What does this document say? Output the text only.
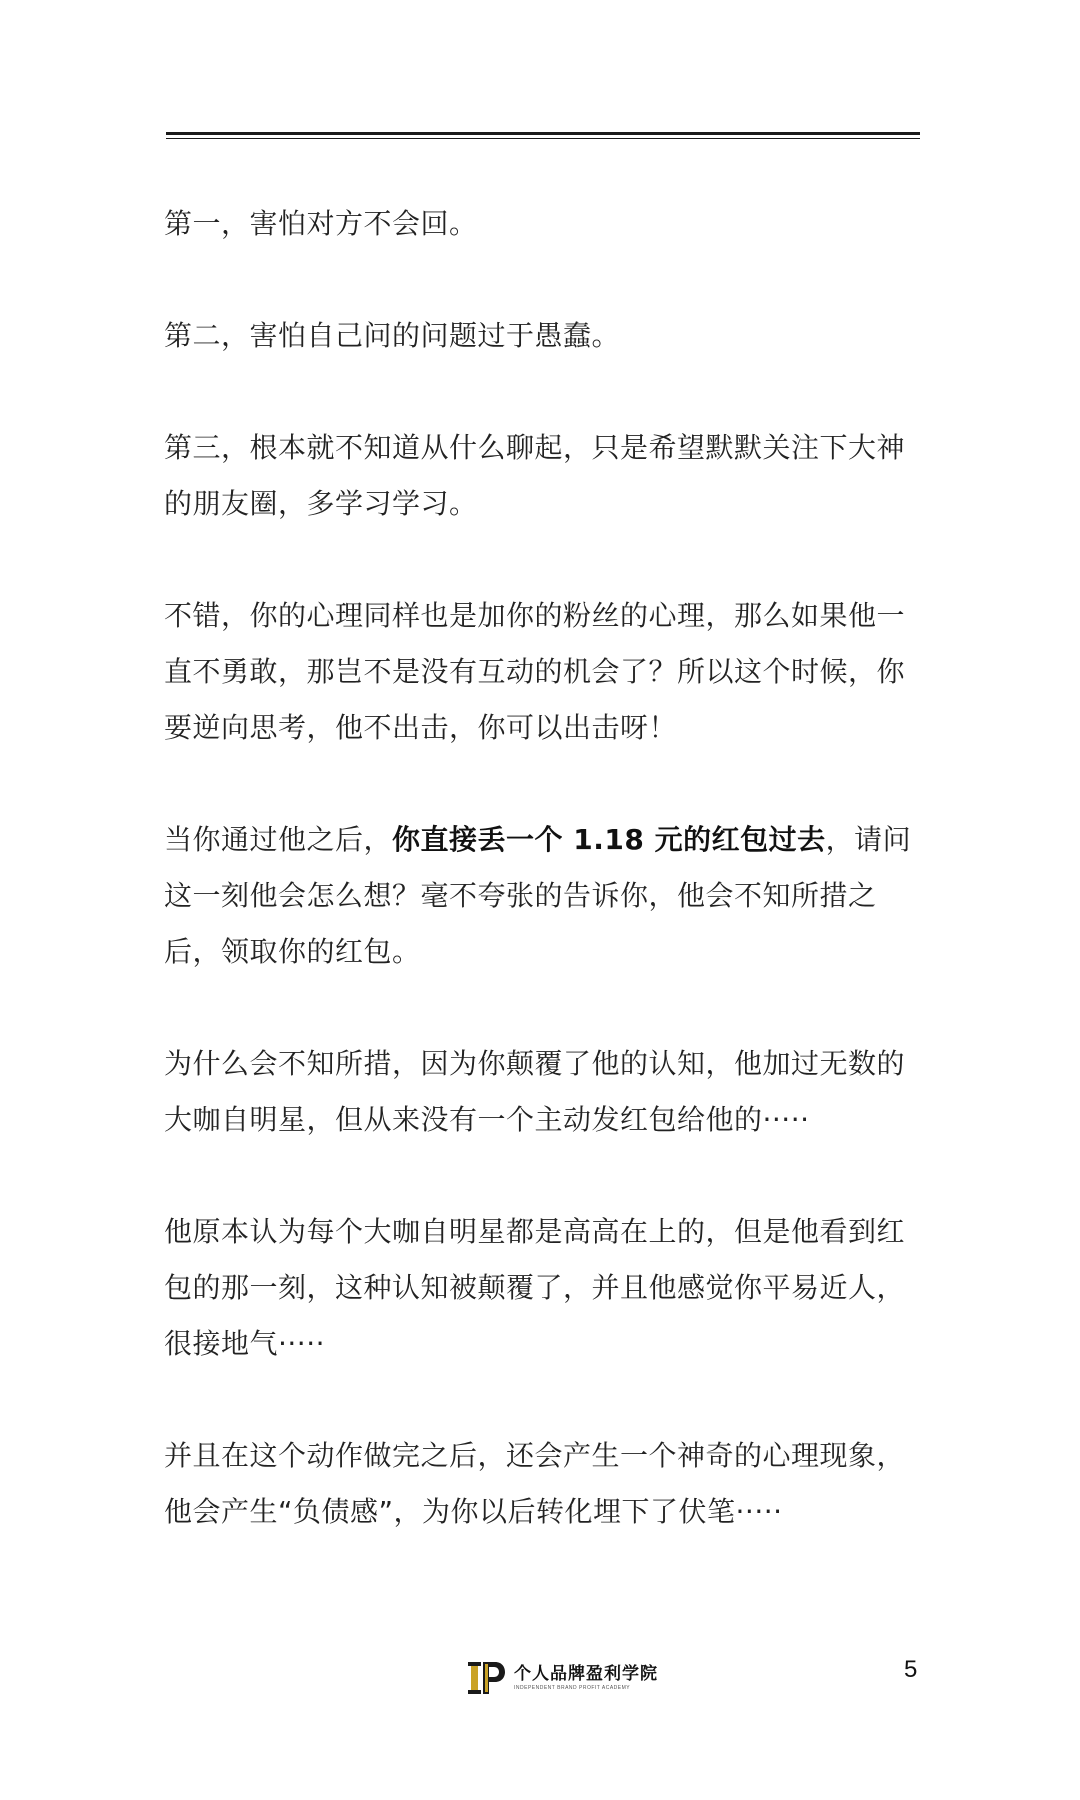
第一，害怕对方不会回。

第二，害怕自己问的问题过于愚蠢。

第三，根本就不知道从什么聊起，只是希望默默关注下大神的朋友圈，多学习学习。

不错，你的心理同样也是加你的粉丝的心理，那么如果他一直不勇敢，那岂不是没有互动的机会了？所以这个时候，你要逆向思考，他不出击，你可以出击呀！

当你通过他之后，你直接丢一个 1.18 元的红包过去，请问这一刻他会怎么想？毫不夸张的告诉你，他会不知所措之后，领取你的红包。

为什么会不知所措，因为你颠覆了他的认知，他加过无数的大咖自明星，但从来没有一个主动发红包给他的·····

他原本认为每个大咖自明星都是高高在上的，但是他看到红包的那一刻，这种认知被颠覆了，并且他感觉你平易近人，很接地气·····

并且在这个动作做完之后，还会产生一个神奇的心理现象，他会产生“负债感”，为你以后转化埋下了伏笔·····

个人品牌盈利学院
INDEPENDENT BRAND PROFIT ACADEMY
5
